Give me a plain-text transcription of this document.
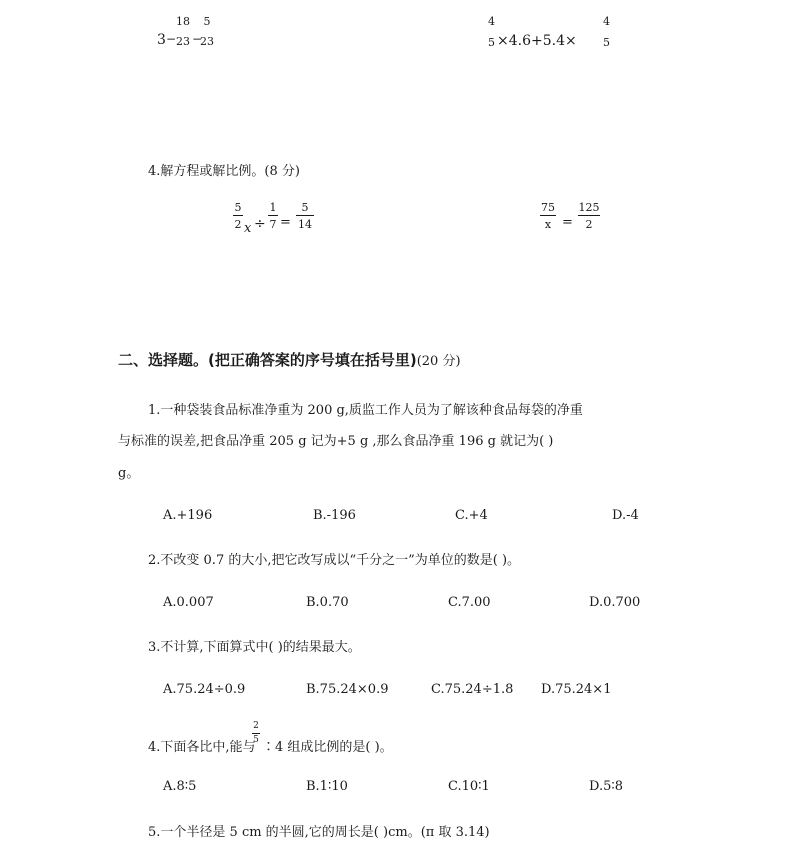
3 −
18
23 −
5
23
4
5 ×4.6+5.4×
4
5
4.解方程或解比例。(8 分)
5
2 x ÷
1
7 =
5
14
75
x =
125
2
二、选择题。(把正确答案的序号填在括号里)(20 分)
1.一种袋装食品标准净重为 200 g,质监工作人员为了解该种食品每袋的净重
与标准的误差,把食品净重 205 g 记为+5 g ,那么食品净重 196 g 就记为( )
g。
A.+196	B.-196	C.+4	D.-4
2.不改变 0.7 的大小,把它改写成以“千分之一”为单位的数是( )。
A.0.007	B.0.70	C.7.00	D.0.700
3.不计算,下面算式中( )的结果最大。
A.75.24÷0.9	B.75.24×0.9	C.75.24÷1.8 D.75.24×1
4.下面各比中,能与
2
5 ∶4 组成比例的是( )。
A.8∶5	B.1∶10	C.10∶1	D.5∶8
5.一个半径是 5 cm 的半圆,它的周长是( )cm。(π 取 3.14)
